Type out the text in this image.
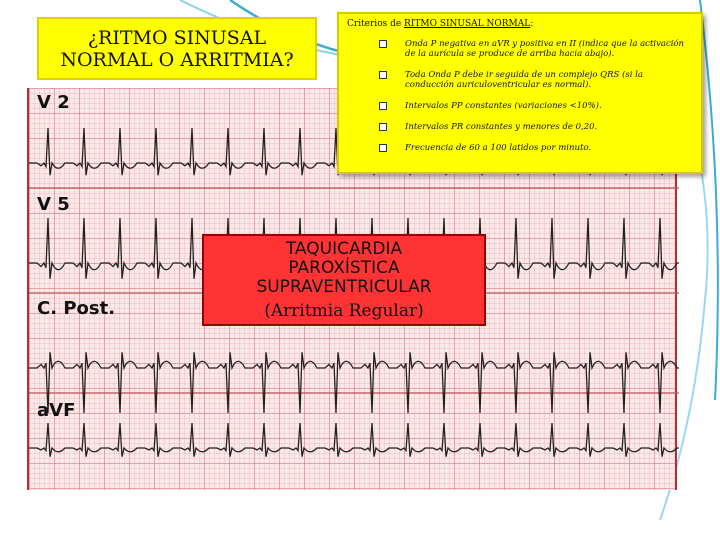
V 2
V 5
C. Post.
aVF
¿RITMO SINUSAL
NORMAL O ARRITMIA?
Criterios de RITMO SINUSAL NORMAL:
Onda P negativa en aVR y positiva en II (indica que la activación de la aurícula se produce de arriba hacia abajo).
Toda Onda P debe ir seguida de un complejo QRS (si la conducción auriculoventricular es normal).
Intervalos PP constantes (variaciones <10%).
Intervalos PR constantes y menores de 0,20.
Frecuencia de 60 a 100 latidos por minuto.
TAQUICARDIA
PAROXÍSTICA
SUPRAVENTRICULAR
(Arritmia Regular)
